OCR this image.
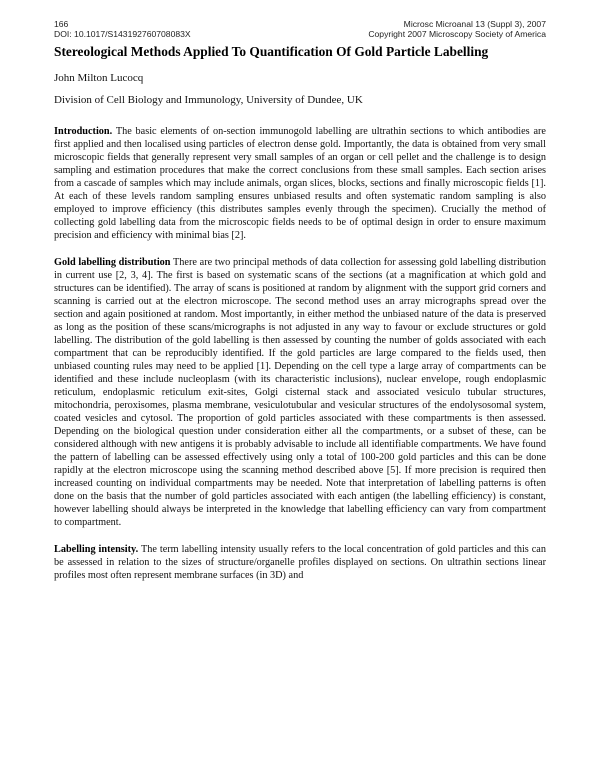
166
DOI: 10.1017/S143192760708083X
Microsc Microanal 13 (Suppl 3), 2007
Copyright 2007 Microscopy Society of America
Stereological Methods Applied To Quantification Of Gold Particle Labelling
John Milton Lucocq
Division of Cell Biology and Immunology, University of Dundee, UK

Introduction. The basic elements of on-section immunogold labelling are ultrathin sections to which antibodies are first applied and then localised using particles of electron dense gold. Importantly, the data is obtained from very small microscopic fields that generally represent very small samples of an organ or cell pellet and the challenge is to design sampling and estimation procedures that make the correct conclusions from these small samples. Each section arises from a cascade of samples which may include animals, organ slices, blocks, sections and finally microscopic fields [1]. At each of these levels random sampling ensures unbiased results and often systematic random sampling is also employed to improve efficiency (this distributes samples evenly through the specimen). Crucially the method of collecting gold labelling data from the microscopic fields needs to be of optimal design in order to ensure maximum precision and efficiency with minimal bias [2].

Gold labelling distribution There are two principal methods of data collection for assessing gold labelling distribution in current use [2, 3, 4]. The first is based on systematic scans of the sections (at a magnification at which gold and structures can be identified). The array of scans is positioned at random by alignment with the support grid corners and scanning is carried out at the electron microscope. The second method uses an array micrographs spread over the section and again positioned at random. Most importantly, in either method the unbiased nature of the data is preserved as long as the position of these scans/micrographs is not adjusted in any way to favour or exclude structures or gold labelling. The distribution of the gold labelling is then assessed by counting the number of golds associated with each compartment that can be reproducibly identified. If the gold particles are large compared to the fields used, then unbiased counting rules may need to be applied [1]. Depending on the cell type a large array of compartments can be identified and these include nucleoplasm (with its characteristic inclusions), nuclear envelope, rough endoplasmic reticulum, endoplasmic reticulum exit-sites, Golgi cisternal stack and associated vesiculo tubular structures, mitochondria, peroxisomes, plasma membrane, vesiculotubular and vesicular structures of the endolysosomal system, coated vesicles and cytosol. The proportion of gold particles associated with these compartments is then assessed. Depending on the biological question under consideration either all the compartments, or a subset of these, can be considered although with new antigens it is probably advisable to include all identifiable compartments. We have found the pattern of labelling can be assessed effectively using only a total of 100-200 gold particles and this can be done rapidly at the electron microscope using the scanning method described above [5]. If more precision is required then increased counting on individual compartments may be needed. Note that interpretation of labelling patterns is often done on the basis that the number of gold particles associated with each antigen (the labelling efficiency) is constant, however labelling should always be interpreted in the knowledge that labelling efficiency can vary from compartment to compartment.

Labelling intensity. The term labelling intensity usually refers to the local concentration of gold particles and this can be assessed in relation to the sizes of structure/organelle profiles displayed on sections. On ultrathin sections linear profiles most often represent membrane surfaces (in 3D) and
